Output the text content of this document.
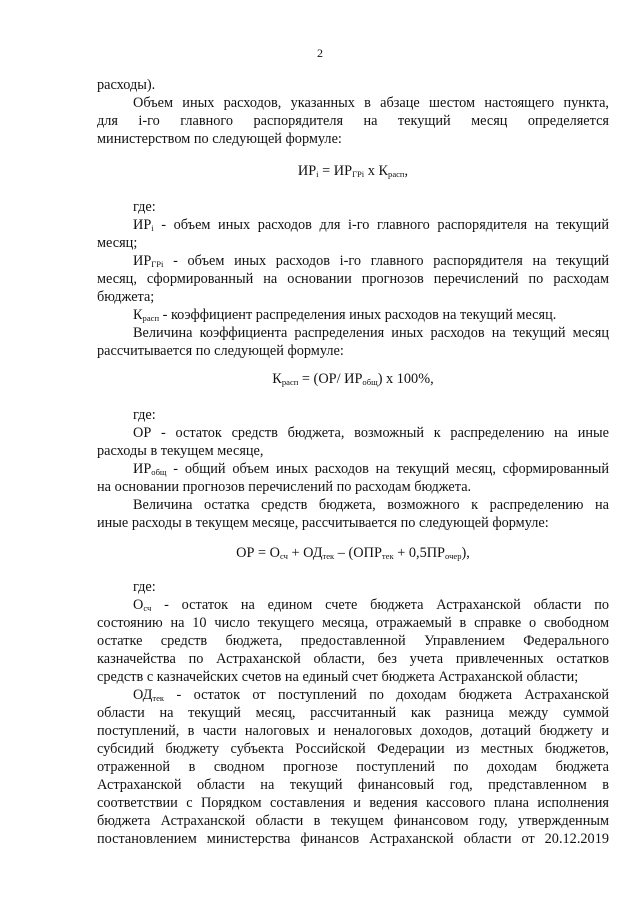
2
расходы).
Объем иных расходов, указанных в абзаце шестом настоящего пункта,
для i-го главного распорядителя на текущий месяц определяется
министерством по следующей формуле:
$ИР_i = ИР_{ГРi}$ х $К_{расп}$,
где:
$ИР_i$ - объем иных расходов для i-го главного распорядителя на текущий
месяц;
$ИР_{ГРi}$ - объем иных расходов i-го главного распорядителя на текущий
месяц, сформированный на основании прогнозов перечислений по расходам
бюджета;
$К_{расп}$ - коэффициент распределения иных расходов на текущий месяц.
Величина коэффициента распределения иных расходов на текущий месяц
рассчитывается по следующей формуле:
$К_{расп} = (ОР/$ $ИР_{общ}$) х 100%,
где:
ОР - остаток средств бюджета, возможный к распределению на иные
расходы в текущем месяце,
$ИР_{общ}$ - общий объем иных расходов на текущий месяц, сформированный
на основании прогнозов перечислений по расходам бюджета.
Величина остатка средств бюджета, возможного к распределению на
иные расходы в текущем месяце, рассчитывается по следующей формуле:
ОР = $О_{сч} + ОД_{тек} - (ОПР_{тек} + 0,5ПР_{очер})$,
где:
$О_{сч}$ - остаток на едином счете бюджета Астраханской области по
состоянию на 10 число текущего месяца, отражаемый в справке о свободном
остатке средств бюджета, предоставленной Управлением Федерального
казначейства по Астраханской области, без учета привлеченных остатков
средств с казначейских счетов на единый счет бюджета Астраханской области;
$ОД_{тек}$ - остаток от поступлений по доходам бюджета Астраханской
области на текущий месяц, рассчитанный как разница между суммой
поступлений, в части налоговых и неналоговых доходов, дотаций бюджету и
субсидий бюджету субъекта Российской Федерации из местных бюджетов,
отраженной в сводном прогнозе поступлений по доходам бюджета
Астраханской области на текущий финансовый год, представленном в
соответствии с Порядком составления и ведения кассового плана исполнения
бюджета Астраханской области в текущем финансовом году, утвержденным
постановлением министерства финансов Астраханской области от 20.12.2019
